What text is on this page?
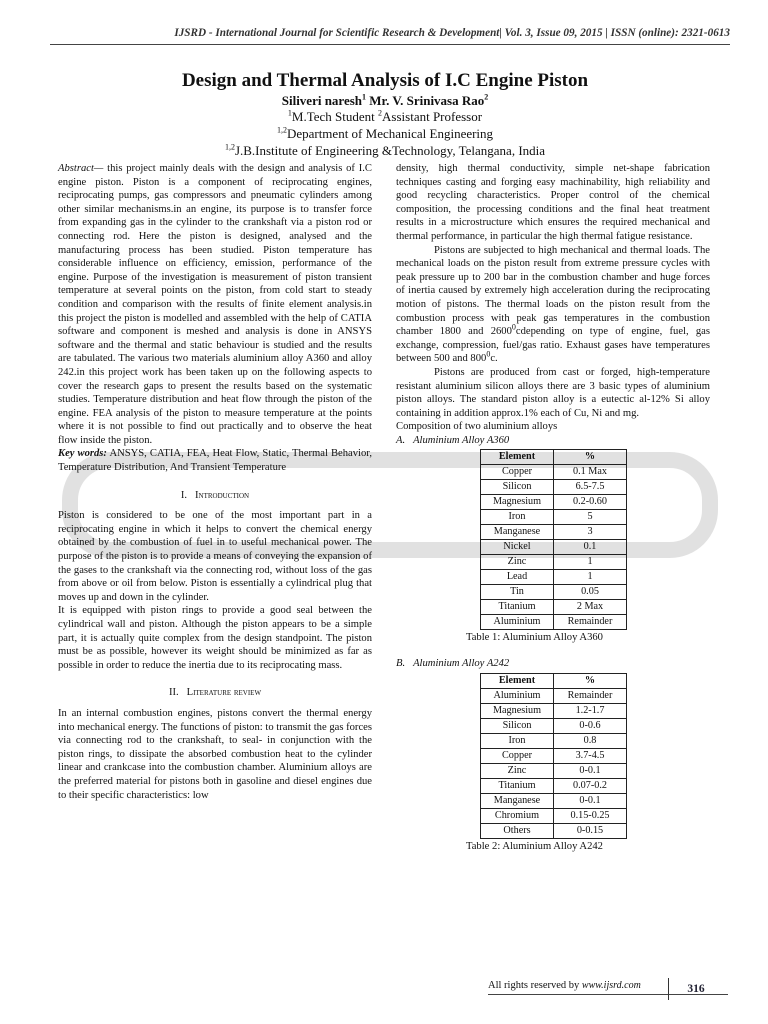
IJSRD - International Journal for Scientific Research & Development| Vol. 3, Issue 09, 2015 | ISSN (online): 2321-0613
Design and Thermal Analysis of I.C Engine Piston
Siliveri naresh$^1$ Mr. V. Srinivasa Rao$^2$
$^1$M.Tech Student $^2$Assistant Professor
$^{1,2}$Department of Mechanical Engineering
$^{1,2}$J.B.Institute of Engineering &Technology, Telangana, India

Abstract— this project mainly deals with the design and analysis of I.C engine piston. Piston is a component of reciprocating engines, reciprocating pumps, gas compressors and pneumatic cylinders among other similar mechanisms.in an engine, its purpose is to transfer force from expanding gas in the cylinder to the crankshaft via a piston rod or connecting rod. Here the piston is designed, analysed and the manufacturing process has been studied. Piston temperature has considerable influence on efficiency, emission, performance of the engine. Purpose of the investigation is measurement of piston transient temperature at several points on the piston, from cold start to steady condition and comparison with the results of finite element analysis.in this project the piston is modelled and assembled with the help of CATIA software and component is meshed and analysis is done in ANSYS software and the thermal and static behaviour is studied and the results are tabulated. The various two materials aluminium alloy A360 and alloy 242.in this project work has been taken up on the following aspects to cover the research gaps to present the results based on the systematic studies. Temperature distribution and heat flow through the piston of the engine. FEA analysis of the piston to measure temperature at the points where it is not possible to find out practically and to observe the heat flow inside the piston.

Key words: ANSYS, CATIA, FEA, Heat Flow, Static, Thermal Behavior, Temperature Distribution, And Transient Temperature

I. Introduction

Piston is considered to be one of the most important part in a reciprocating engine in which it helps to convert the chemical energy obtained by the combustion of fuel in to useful mechanical power. The purpose of the piston is to provide a means of conveying the expansion of the gases to the crankshaft via the connecting rod, without loss of the gas from above or oil from below. Piston is essentially a cylindrical plug that moves up and down in the cylinder.

It is equipped with piston rings to provide a good seal between the cylindrical wall and piston. Although the piston appears to be a simple part, it is actually quite complex from the design standpoint. The piston must be as possible, however its weight should be minimized as far as possible in order to reduce the inertia due to its reciprocating mass.

II. Literature review

In an internal combustion engines, pistons convert the thermal energy into mechanical energy. The functions of piston: to transmit the gas forces via connecting rod to the crankshaft, to seal- in conjunction with the piston rings, to dissipate the absorbed combustion heat to the cylinder linear and crankcase into the combustion chamber. Aluminium alloys are the preferred material for pistons both in gasoline and diesel engines due to their specific characteristics: low

density, high thermal conductivity, simple net-shape fabrication techniques casting and forging easy machinability, high reliability and good recycling characteristics. Proper control of the chemical composition, the processing conditions and the final heat treatment results in a microstructure which ensures the required mechanical and thermal performance, in particular the high thermal fatigue resistance.

Pistons are subjected to high mechanical and thermal loads. The mechanical loads on the piston result from extreme pressure cycles with peak pressure up to 200 bar in the combustion chamber and huge forces of inertia caused by extremely high acceleration during the reciprocating motion of pistons. The thermal loads on the piston result from the combustion process with peak gas temperatures in the combustion chamber 1800 and 2600$^0$cdepending on type of engine, fuel, gas exchange, compression, fuel/gas ratio. Exhaust gases have temperatures between 500 and $800^0c$.

Pistons are produced from cast or forged, high-temperature resistant aluminium silicon alloys there are 3 basic types of aluminium piston alloys. The standard piston alloy is a eutectic al-12% Si alloy containing in addition approx.1% each of Cu, Ni and mg.

Composition of two aluminium alloys

A. Aluminium Alloy A360

Element	%
Copper	0.1 Max
Silicon	6.5-7.5
Magnesium	0.2-0.60
Iron	5
Manganese	3
Nickel	0.1
Zinc	1
Lead	1
Tin	0.05
Titanium	2 Max
Aluminium	Remainder
Table 1: Aluminium Alloy A360

B. Aluminium Alloy A242

Element	%
Aluminium	Remainder
Magnesium	1.2-1.7
Silicon	0-0.6
Iron	0.8
Copper	3.7-4.5
Zinc	0-0.1
Titanium	0.07-0.2
Manganese	0-0.1
Chromium	0.15-0.25
Others	0-0.15
Table 2: Aluminium Alloy A242
All rights reserved by www.ijsrd.com	316
